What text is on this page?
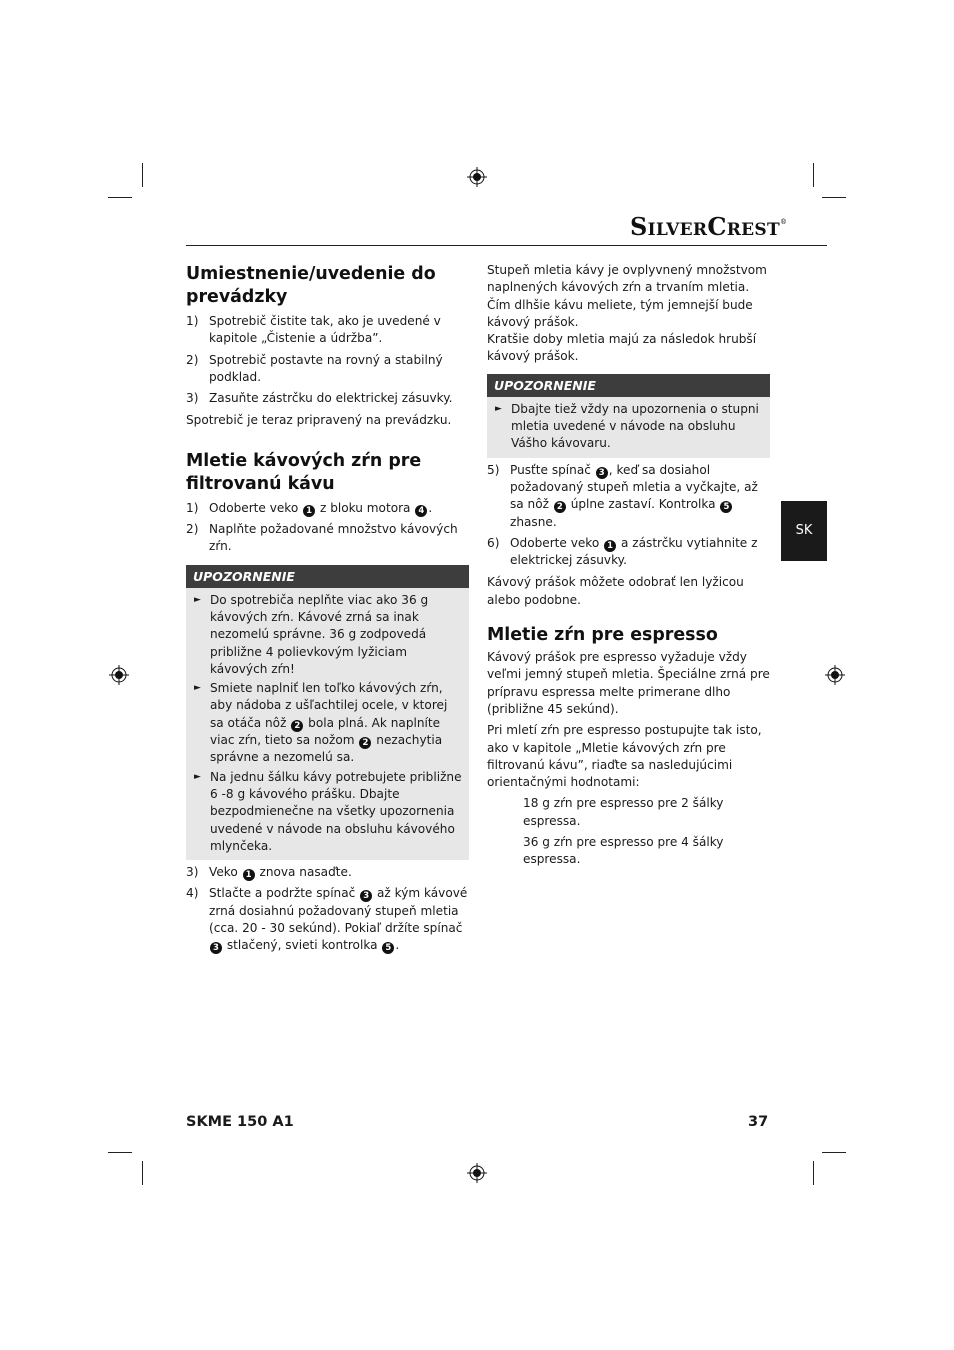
SILVERCREST®
SK
Umiestnenie/uvedenie do prevádzky
1) Spotrebič čistite tak, ako je uvedené v kapitole „Čistenie a údržba”.
2) Spotrebič postavte na rovný a stabilný podklad.
3) Zasuňte zástrčku do elektrickej zásuvky.

Spotrebič je teraz pripravený na prevádzku.

Mletie kávových zŕn pre filtrovanú kávu
1) Odoberte veko 1 z bloku motora 4 .
2) Naplňte požadované množstvo kávových zŕn.
UPOZORNENIE
► Do spotrebiča neplňte viac ako 36 g kávových zŕn. Kávové zrná sa inak nezomelú správne. 36 g zodpovedá približne 4 polievkovým lyžiciam kávových zŕn!
► Smiete naplniť len toľko kávových zŕn, aby nádoba z ušľachtilej ocele, v ktorej sa otáča nôž 2 bola plná. Ak naplníte viac zŕn, tieto sa nožom 2 nezachytia správne a nezomelú sa.
► Na jednu šálku kávy potrebujete približne 6 -8 g kávového prášku. Dbajte bezpodmienečne na všetky upozornenia uvedené v návode na obsluhu kávového mlynčeka.
3) Veko 1 znova nasaďte.
4) Stlačte a podržte spínač 3 až kým kávové zrná dosiahnú požadovaný stupeň mletia (cca. 20 - 30 sekúnd). Pokiaľ držíte spínač 3 stlačený, svieti kontrolka 5 .

Stupeň mletia kávy je ovplyvnený množstvom naplnených kávových zŕn a trvaním mletia.

Čím dlhšie kávu meliete, tým jemnejší bude kávový prášok.

Kratšie doby mletia majú za následok hrubší kávový prášok.

UPOZORNENIE
► Dbajte tiež vždy na upozornenia o stupni mletia uvedené v návode na obsluhu Vášho kávovaru.
5) Pusťte spínač 3 , keď sa dosiahol požadovaný stupeň mletia a vyčkajte, až sa nôž 2 úplne zastaví. Kontrolka 5 zhasne.
6) Odoberte veko 1 a zástrčku vytiahnite z elektrickej zásuvky.

Kávový prášok môžete odobrať len lyžicou alebo podobne.

Mletie zŕn pre espresso

Kávový prášok pre espresso vyžaduje vždy veľmi jemný stupeň mletia. Špeciálne zrná pre prípravu espressa melte primerane dlho (približne 45 sekúnd).

Pri mletí zŕn pre espresso postupujte tak isto, ako v kapitole „Mletie kávových zŕn pre filtrovanú kávu”, riaďte sa nasledujúcimi orientačnými hodnotami:

18 g zŕn pre espresso pre 2 šálky espressa.

36 g zŕn pre espresso pre 4 šálky espressa.

SKME 150 A1	37
